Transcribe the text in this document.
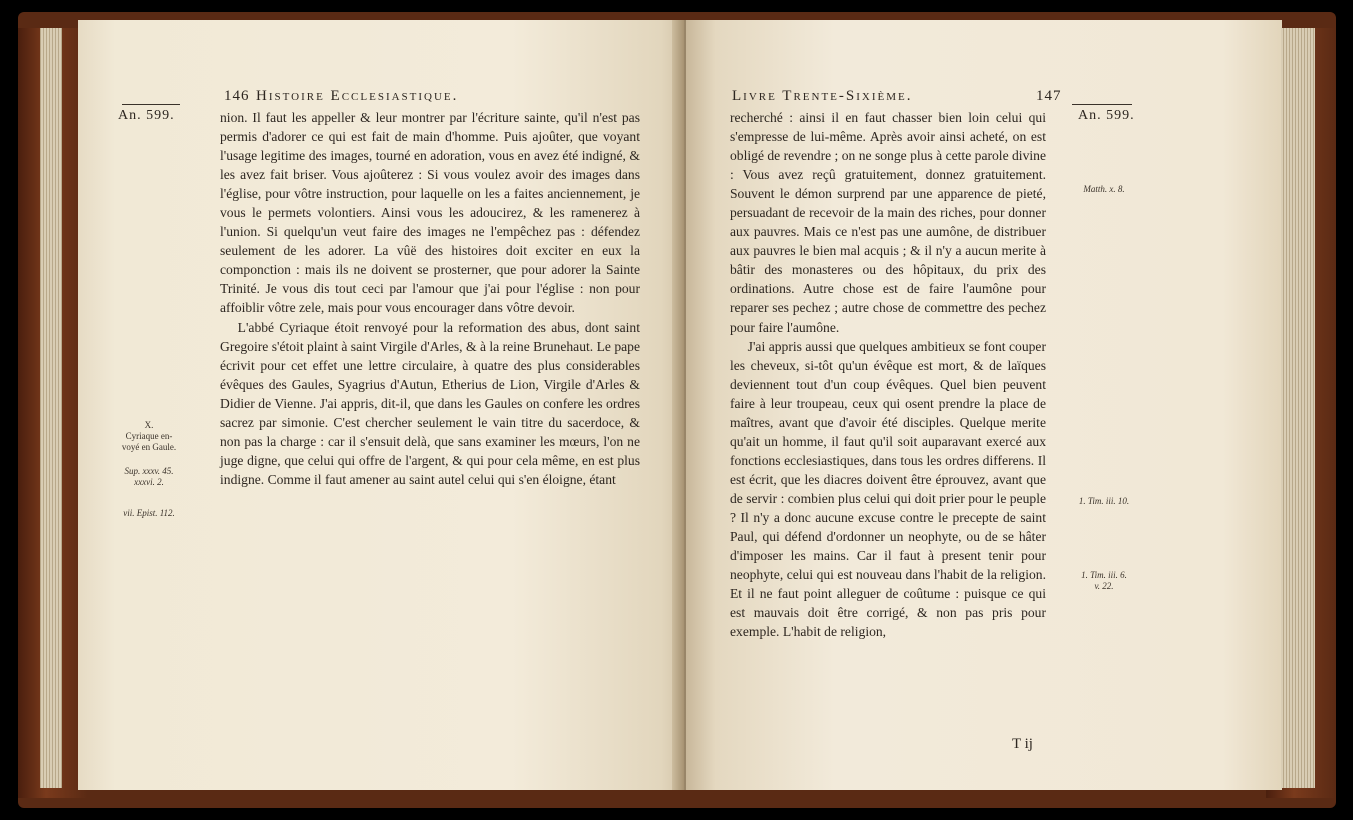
146 Histoire Ecclesiastique.
An. 599.
X.
Cyriaque en-
voyé en Gaule.
Sup. xxxv. 45.
xxxvi. 2.
vii. Epist. 112.

nion. Il faut les appeller & leur montrer par l'écriture sainte, qu'il n'est pas permis d'adorer ce qui est fait de main d'homme. Puis ajoûter, que voyant l'usage legitime des images, tourné en adoration, vous en avez été indigné, & les avez fait briser. Vous ajoûterez : Si vous voulez avoir des images dans l'église, pour vôtre instruction, pour laquelle on les a faites anciennement, je vous le permets volontiers. Ainsi vous les adoucirez, & les ramenerez à l'union. Si quelqu'un veut faire des images ne l'empêchez pas : défendez seulement de les adorer. La vûë des histoires doit exciter en eux la componction : mais ils ne doivent se prosterner, que pour adorer la Sainte Trinité. Je vous dis tout ceci par l'amour que j'ai pour l'église : non pour affoiblir vôtre zele, mais pour vous encourager dans vôtre devoir.

L'abbé Cyriaque étoit renvoyé pour la reformation des abus, dont saint Gregoire s'étoit plaint à saint Virgile d'Arles, & à la reine Brunehaut. Le pape écrivit pour cet effet une lettre circulaire, à quatre des plus considerables évêques des Gaules, Syagrius d'Autun, Etherius de Lion, Virgile d'Arles & Didier de Vienne. J'ai appris, dit-il, que dans les Gaules on confere les ordres sacrez par simonie. C'est chercher seulement le vain titre du sacerdoce, & non pas la charge : car il s'ensuit delà, que sans examiner les mœurs, l'on ne juge digne, que celui qui offre de l'argent, & qui pour cela même, en est plus indigne. Comme il faut amener au saint autel celui qui s'en éloigne, étant

Livre Trente-Sixième.	147
An. 599.
Matth. x. 8.
1. Tim. iii. 10.
1. Tim. iii. 6.
v. 22.

recherché : ainsi il en faut chasser bien loin celui qui s'empresse de lui-même. Après avoir ainsi acheté, on est obligé de revendre ; on ne songe plus à cette parole divine : Vous avez reçû gratuitement, donnez gratuitement. Souvent le démon surprend par une apparence de pieté, persuadant de recevoir de la main des riches, pour donner aux pauvres. Mais ce n'est pas une aumône, de distribuer aux pauvres le bien mal acquis ; & il n'y a aucun merite à bâtir des monasteres ou des hôpitaux, du prix des ordinations. Autre chose est de faire l'aumône pour reparer ses pechez ; autre chose de commettre des pechez pour faire l'aumône.

J'ai appris aussi que quelques ambitieux se font couper les cheveux, si-tôt qu'un évêque est mort, & de laïques deviennent tout d'un coup évêques. Quel bien peuvent faire à leur troupeau, ceux qui osent prendre la place de maîtres, avant que d'avoir été disciples. Quelque merite qu'ait un homme, il faut qu'il soit auparavant exercé aux fonctions ecclesiastiques, dans tous les ordres differens. Il est écrit, que les diacres doivent être éprouvez, avant que de servir : combien plus celui qui doit prier pour le peuple ? Il n'y a donc aucune excuse contre le precepte de saint Paul, qui défend d'ordonner un neophyte, ou de se hâter d'imposer les mains. Car il faut à present tenir pour neophyte, celui qui est nouveau dans l'habit de la religion. Et il ne faut point alleguer de coûtume : puisque ce qui est mauvais doit être corrigé, & non pas pris pour exemple. L'habit de religion,

T ij
